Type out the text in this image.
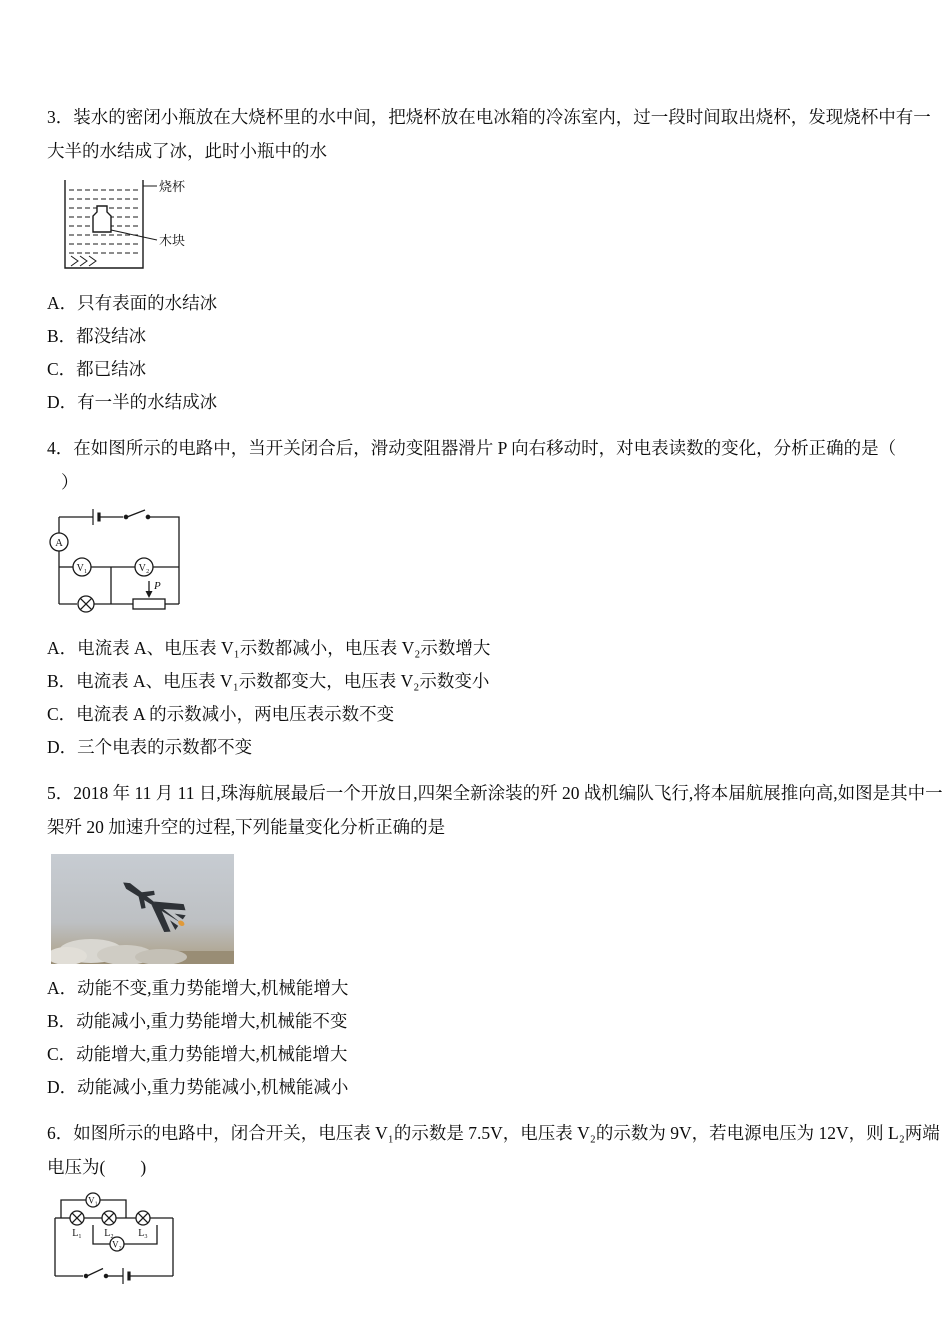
3．装水的密闭小瓶放在大烧杯里的水中间，把烧杯放在电冰箱的冷冻室内，过一段时间取出烧杯，发现烧杯中有一

大半的水结成了冰，此时小瓶中的水

烧杯
木块

A．只有表面的水结冰

B．都没结冰

C．都已结冰

D．有一半的水结成冰

4．在如图所示的电路中，当开关闭合后，滑动变阻器滑片 P 向右移动时，对电表读数的变化，分析正确的是（

）

A
V₁	V₂
P

A．电流表 A、电压表 V₁示数都减小，电压表 V₂示数增大

B．电流表 A、电压表 V₁示数都变大，电压表 V₂示数变小

C．电流表 A 的示数减小，两电压表示数不变

D．三个电表的示数都不变

5．2018 年 11 月 11 日,珠海航展最后一个开放日,四架全新涂装的歼 20 战机编队飞行,将本届航展推向高,如图是其中一

架歼 20 加速升空的过程,下列能量变化分析正确的是

A．动能不变,重力势能增大,机械能增大

B．动能减小,重力势能增大,机械能不变

C．动能增大,重力势能增大,机械能增大

D．动能减小,重力势能减小,机械能减小

6．如图所示的电路中，闭合开关，电压表 V₁的示数是 7.5V，电压表 V₂的示数为 9V，若电源电压为 12V，则 L₂两端

电压为(　　)

L₁ L₂ L₃
V₁
V₂
